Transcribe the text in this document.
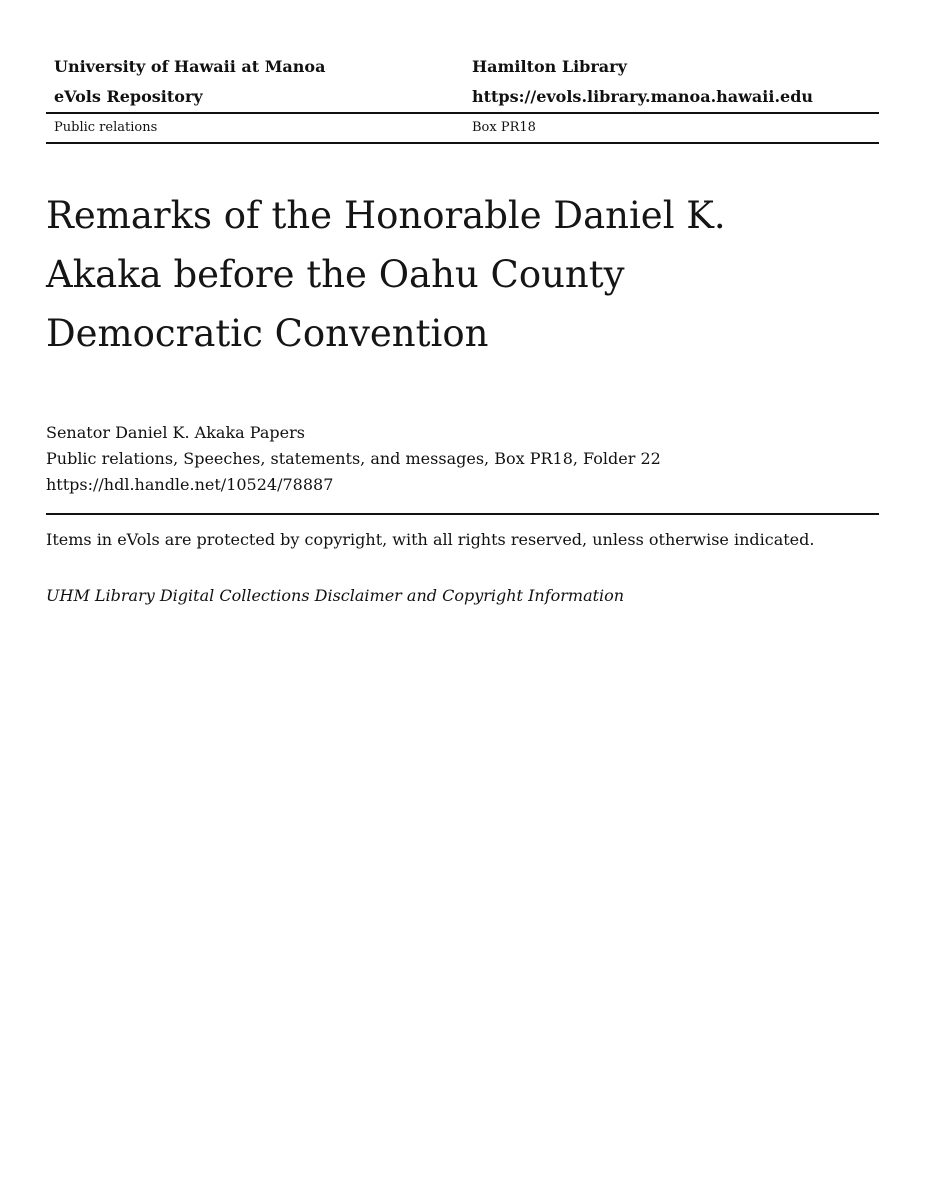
University of Hawaii at Manoa	Hamilton Library
eVols Repository	https://evols.library.manoa.hawaii.edu
Public relations	Box PR18
Remarks of the Honorable Daniel K.
Akaka before the Oahu County
Democratic Convention
Senator Daniel K. Akaka Papers
Public relations, Speeches, statements, and messages, Box PR18, Folder 22
https://hdl.handle.net/10524/78887
Items in eVols are protected by copyright, with all rights reserved, unless otherwise indicated.
UHM Library Digital Collections Disclaimer and Copyright Information
